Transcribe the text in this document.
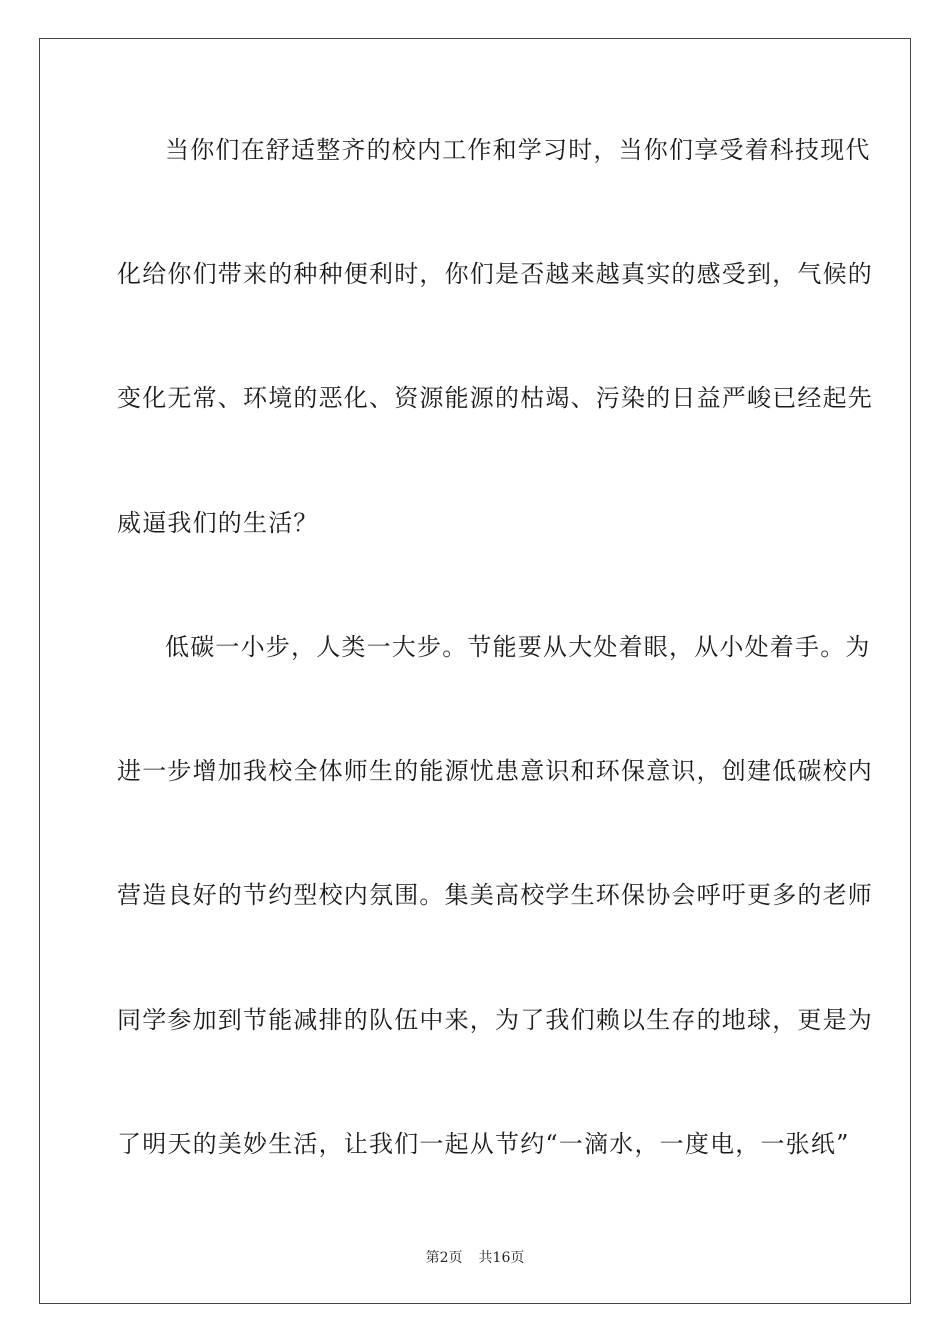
当你们在舒适整齐的校内工作和学习时，当你们享受着科技现代
化给你们带来的种种便利时，你们是否越来越真实的感受到，气候的
变化无常、环境的恶化、资源能源的枯竭、污染的日益严峻已经起先
威逼我们的生活？
低碳一小步，人类一大步。节能要从大处着眼，从小处着手。为
进一步增加我校全体师生的能源忧患意识和环保意识，创建低碳校内
营造良好的节约型校内氛围。集美高校学生环保协会呼吁更多的老师
同学参加到节能减排的队伍中来，为了我们赖以生存的地球，更是为
了明天的美妙生活，让我们一起从节约“一滴水，一度电，一张纸”
第2页 共16页
